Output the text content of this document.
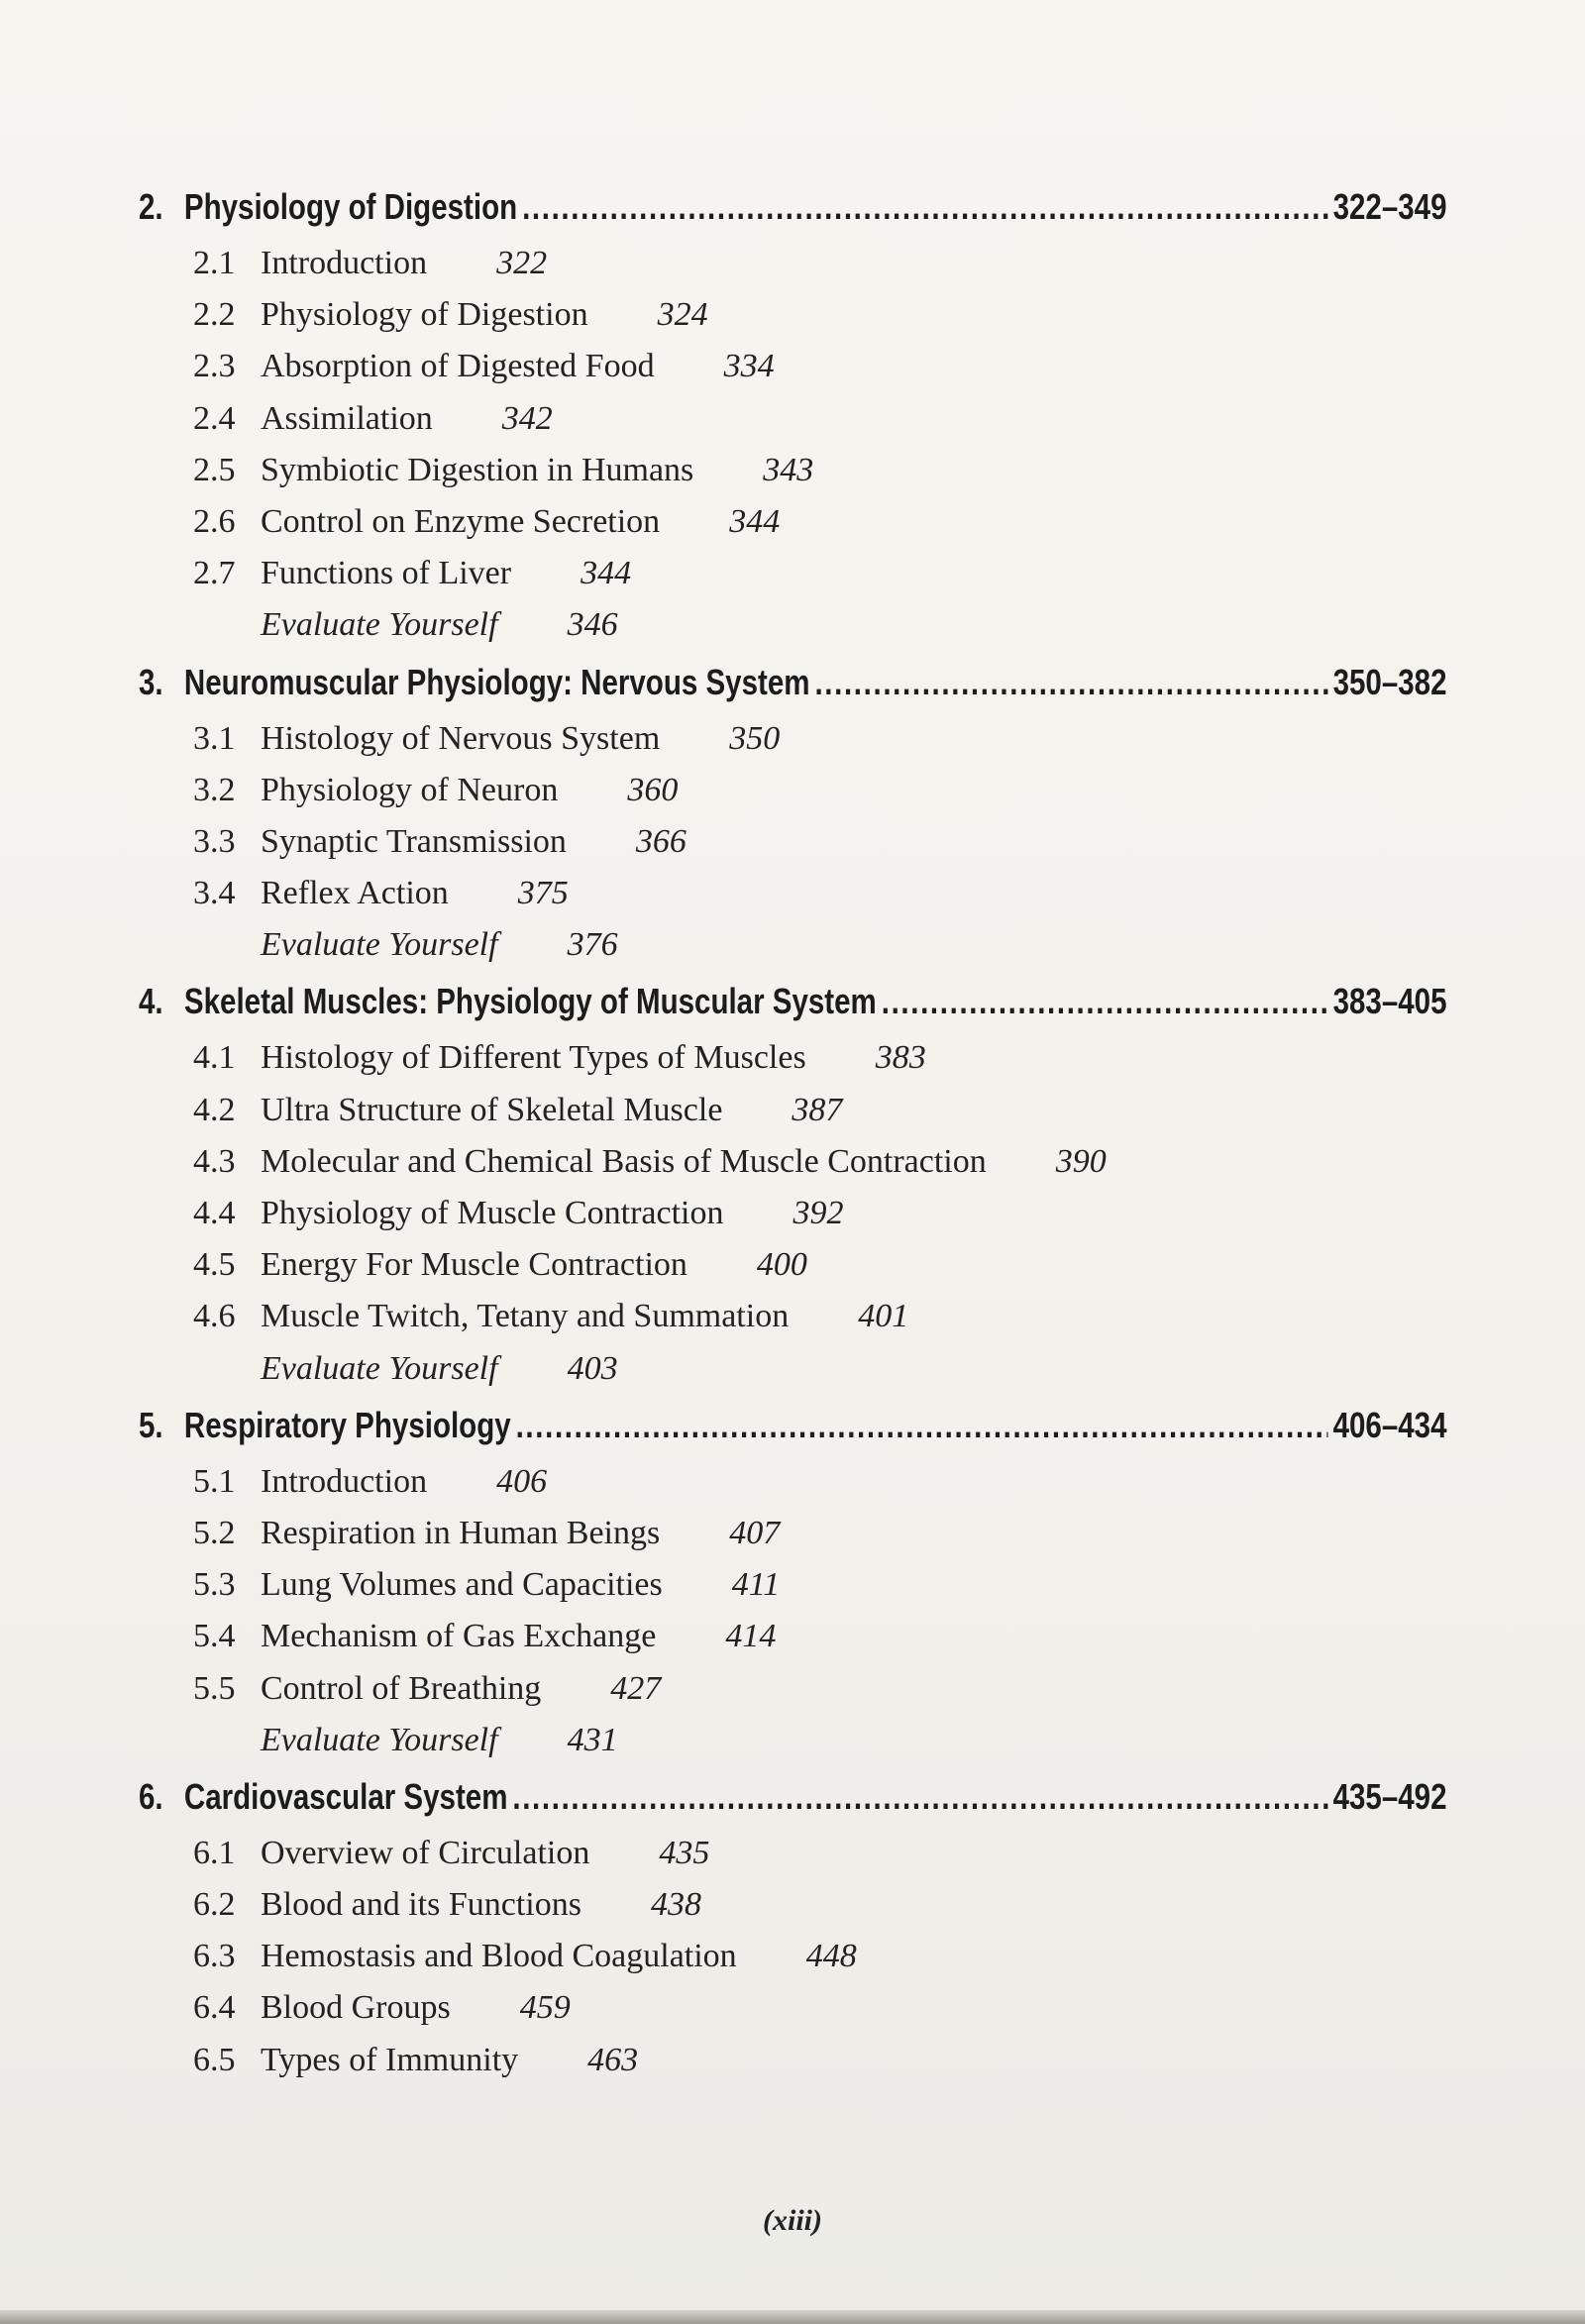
2. Physiology of Digestion .....	322–349
2.1 Introduction 322
2.2 Physiology of Digestion 324
2.3 Absorption of Digested Food 334
2.4 Assimilation 342
2.5 Symbiotic Digestion in Humans 343
2.6 Control on Enzyme Secretion 344
2.7 Functions of Liver 344
Evaluate Yourself 346
3. Neuromuscular Physiology: Nervous System .....	350–382
3.1 Histology of Nervous System 350
3.2 Physiology of Neuron 360
3.3 Synaptic Transmission 366
3.4 Reflex Action 375
Evaluate Yourself 376
4. Skeletal Muscles: Physiology of Muscular System .....	383–405
4.1 Histology of Different Types of Muscles 383
4.2 Ultra Structure of Skeletal Muscle 387
4.3 Molecular and Chemical Basis of Muscle Contraction 390
4.4 Physiology of Muscle Contraction 392
4.5 Energy For Muscle Contraction 400
4.6 Muscle Twitch, Tetany and Summation 401
Evaluate Yourself 403
5. Respiratory Physiology .....	406–434
5.1 Introduction 406
5.2 Respiration in Human Beings 407
5.3 Lung Volumes and Capacities 411
5.4 Mechanism of Gas Exchange 414
5.5 Control of Breathing 427
Evaluate Yourself 431
6. Cardiovascular System .....	435–492
6.1 Overview of Circulation 435
6.2 Blood and its Functions 438
6.3 Hemostasis and Blood Coagulation 448
6.4 Blood Groups 459
6.5 Types of Immunity 463
(xiii)
